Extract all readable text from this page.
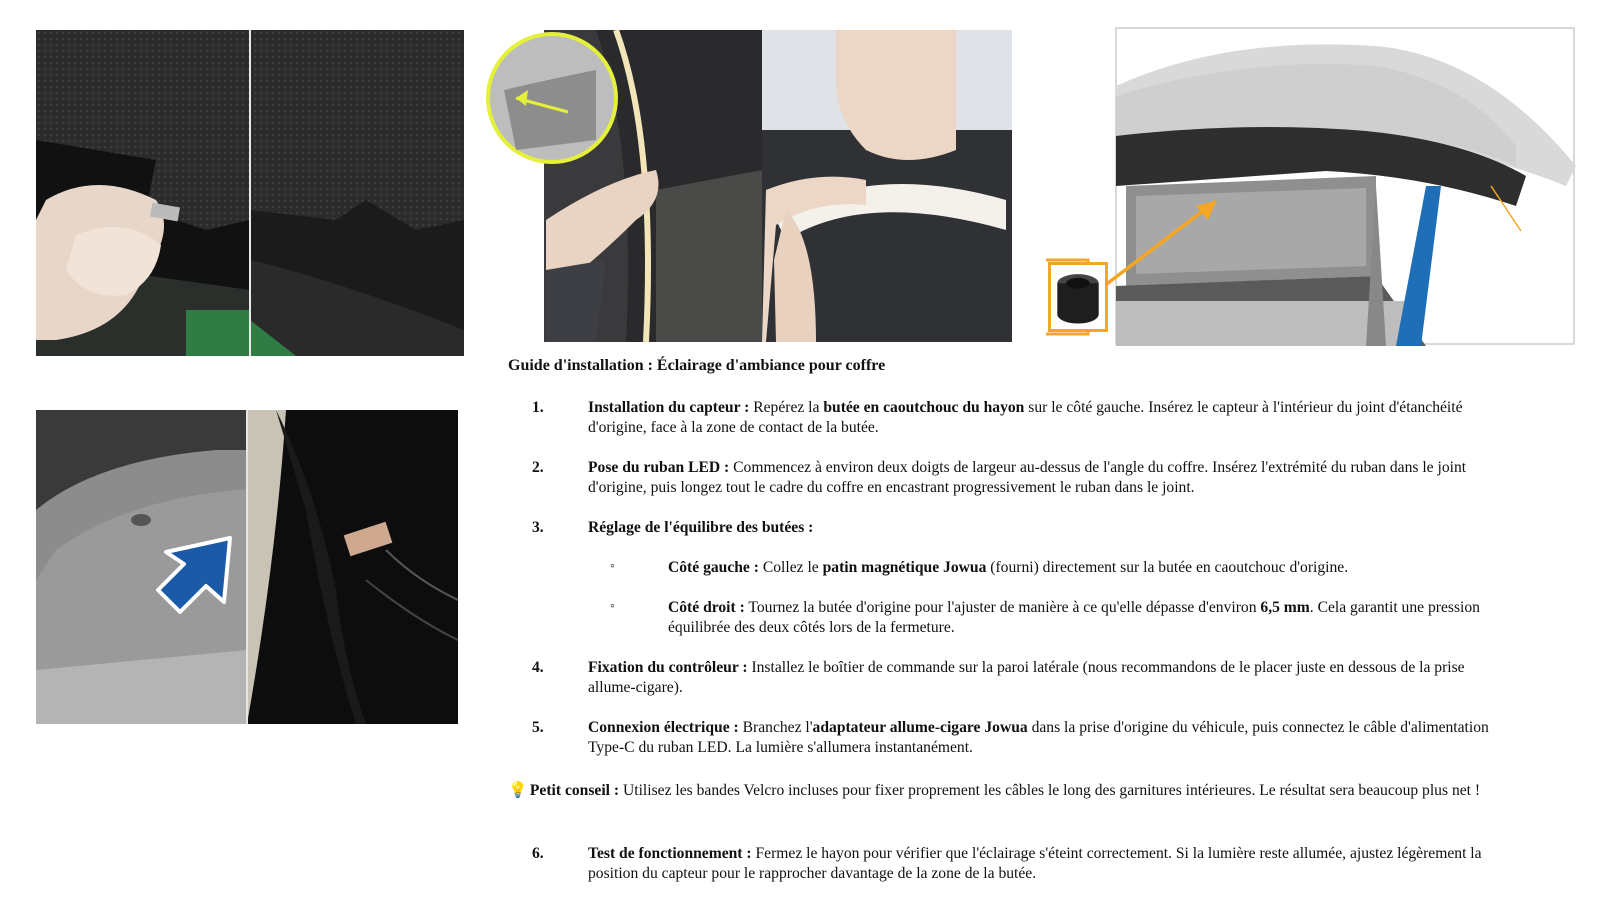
Guide d'installation : Éclairage d'ambiance pour coffre
1.	Installation du capteur : Repérez la butée en caoutchouc du hayon sur le côté gauche. Insérez le capteur à l'intérieur du joint d'étanchéité d'origine, face à la zone de contact de la butée.
2.	Pose du ruban LED : Commencez à environ deux doigts de largeur au-dessus de l'angle du coffre. Insérez l'extrémité du ruban dans le joint d'origine, puis longez tout le cadre du coffre en encastrant progressivement le ruban dans le joint.
3.	Réglage de l'équilibre des butées :
◦	Côté gauche : Collez le patin magnétique Jowua (fourni) directement sur la butée en caoutchouc d'origine.
◦	Côté droit : Tournez la butée d'origine pour l'ajuster de manière à ce qu'elle dépasse d'environ 6,5 mm. Cela garantit une pression équilibrée des deux côtés lors de la fermeture.
4.	Fixation du contrôleur : Installez le boîtier de commande sur la paroi latérale (nous recommandons de le placer juste en dessous de la prise allume-cigare).
5.	Connexion électrique : Branchez l'adaptateur allume-cigare Jowua dans la prise d'origine du véhicule, puis connectez le câble d'alimentation Type-C du ruban LED. La lumière s'allumera instantanément.
💡 Petit conseil : Utilisez les bandes Velcro incluses pour fixer proprement les câbles le long des garnitures intérieures. Le résultat sera beaucoup plus net !
6.	Test de fonctionnement : Fermez le hayon pour vérifier que l'éclairage s'éteint correctement. Si la lumière reste allumée, ajustez légèrement la position du capteur pour le rapprocher davantage de la zone de la butée.
